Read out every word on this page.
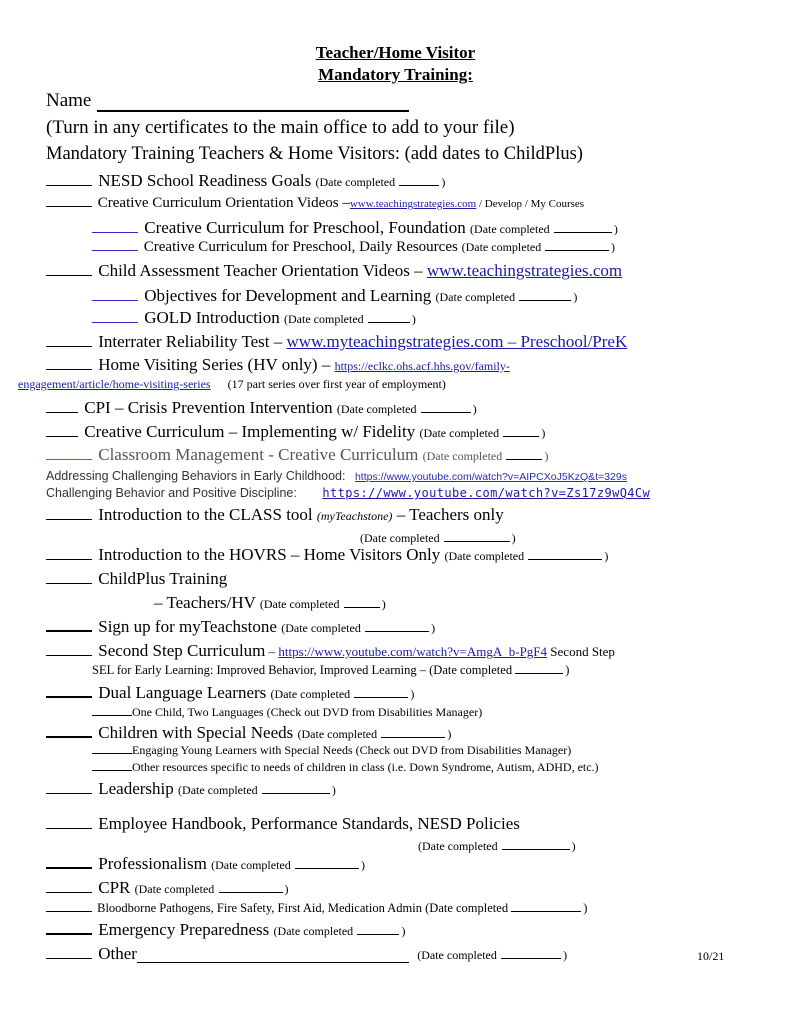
Teacher/Home Visitor
Mandatory Training:
Name
(Turn in any certificates to the main office to add to your file)
Mandatory Training Teachers & Home Visitors: (add dates to ChildPlus)
NESD School Readiness Goals (Date completed	)
Creative Curriculum Orientation Videos –www.teachingstrategies.com / Develop / My Courses
Creative Curriculum for Preschool, Foundation (Date completed	)
Creative Curriculum for Preschool, Daily Resources (Date completed	)
Child Assessment Teacher Orientation Videos – www.teachingstrategies.com
Objectives for Development and Learning (Date completed	)
GOLD Introduction (Date completed	)
Interrater Reliability Test – www.myteachingstrategies.com – Preschool/PreK
Home Visiting Series (HV only) – https://eclkc.ohs.acf.hhs.gov/family-
engagement/article/home-visiting-series (17 part series over first year of employment)
CPI – Crisis Prevention Intervention (Date completed	)
Creative Curriculum – Implementing w/ Fidelity (Date completed	)
Classroom Management - Creative Curriculum (Date completed	)
Addressing Challenging Behaviors in Early Childhood: https://www.youtube.com/watch?v=AIPCXoJ5KzQ&t=329s
Challenging Behavior and Positive Discipline: https://www.youtube.com/watch?v=Zs17z9wQ4Cw
Introduction to the CLASS tool (myTeachstone) – Teachers only
(Date completed	)
Introduction to the HOVRS – Home Visitors Only (Date completed	)
ChildPlus Training
– Teachers/HV (Date completed	)
Sign up for myTeachstone (Date completed	)
Second Step Curriculum – https://www.youtube.com/watch?v=AmgA_b-PgF4 Second Step
SEL for Early Learning: Improved Behavior, Improved Learning – (Date completed	)
Dual Language Learners (Date completed	)
One Child, Two Languages (Check out DVD from Disabilities Manager)
Children with Special Needs (Date completed	)
Engaging Young Learners with Special Needs (Check out DVD from Disabilities Manager)
Other resources specific to needs of children in class (i.e. Down Syndrome, Autism, ADHD, etc.)
Leadership (Date completed	)
Employee Handbook, Performance Standards, NESD Policies
(Date completed	)
Professionalism (Date completed	)
CPR (Date completed	)
Bloodborne Pathogens, Fire Safety, First Aid, Medication Admin (Date completed	)
Emergency Preparedness (Date completed	)
Other	(Date completed	)	10/21
